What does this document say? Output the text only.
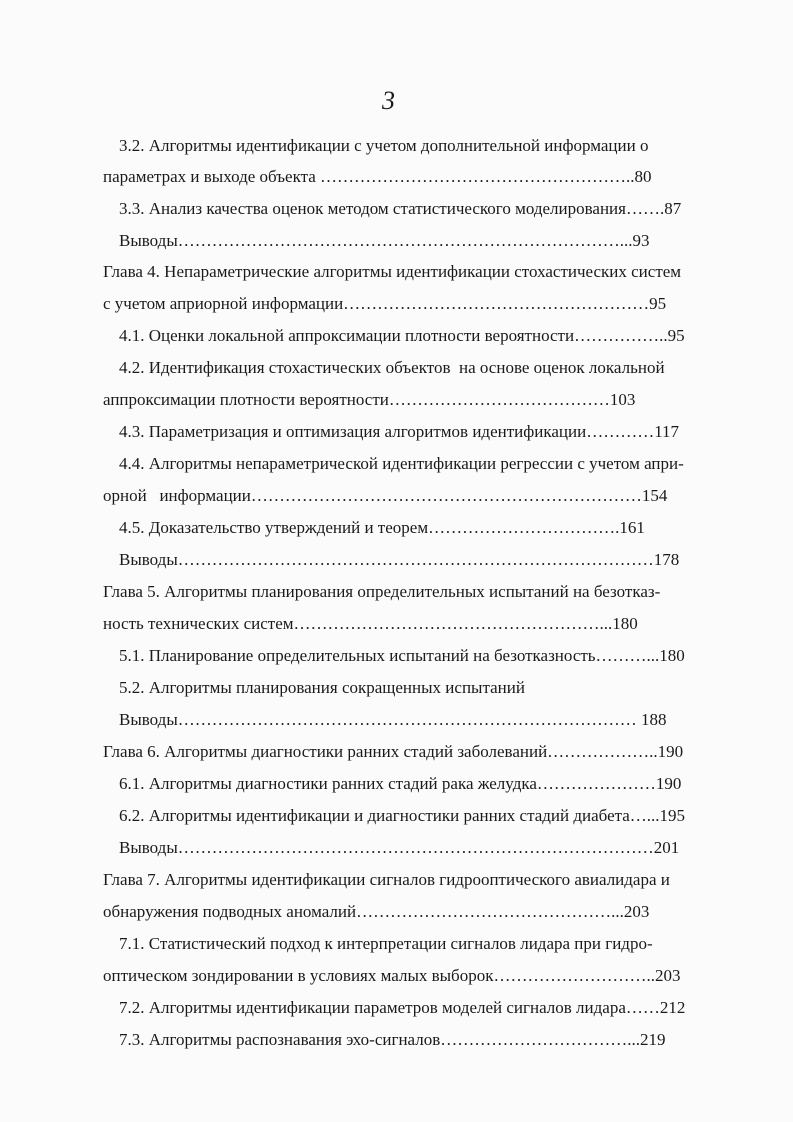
3
3.2. Алгоритмы идентификации с учетом дополнительной информации о
параметрах и выходе объекта ………………………………………………..80
3.3. Анализ качества оценок методом статистического моделирования…….87
Выводы……………………………………………………………………...93
Глава 4. Непараметрические алгоритмы идентификации стохастических систем
с учетом априорной информации………………………………………………95
4.1. Оценки локальной аппроксимации плотности вероятности……………..95
4.2. Идентификация стохастических объектов  на основе оценок локальной
аппроксимации плотности вероятности…………………………………103
4.3. Параметризация и оптимизация алгоритмов идентификации…………117
4.4. Алгоритмы непараметрической идентификации регрессии с учетом апри-
орной   информации……………………………………………………………154
4.5. Доказательство утверждений и теорем…………………………….161
Выводы…………………………………………………………………………178
Глава 5. Алгоритмы планирования определительных испытаний на безотказ-
ность технических систем………………………………………………...180
5.1. Планирование определительных испытаний на безотказность………...180
5.2. Алгоритмы планирования сокращенных испытаний
Выводы……………………………………………………………………… 188
Глава 6. Алгоритмы диагностики ранних стадий заболеваний………………..190
6.1. Алгоритмы диагностики ранних стадий рака желудка…………………190
6.2. Алгоритмы идентификации и диагностики ранних стадий диабета…...195
Выводы…………………………………………………………………………201
Глава 7. Алгоритмы идентификации сигналов гидрооптического авиалидара и
обнаружения подводных аномалий………………………………………...203
7.1. Статистический подход к интерпретации сигналов лидара при гидро-
оптическом зондировании в условиях малых выборок………………………..203
7.2. Алгоритмы идентификации параметров моделей сигналов лидара……212
7.3. Алгоритмы распознавания эхо-сигналов……………………………...219
